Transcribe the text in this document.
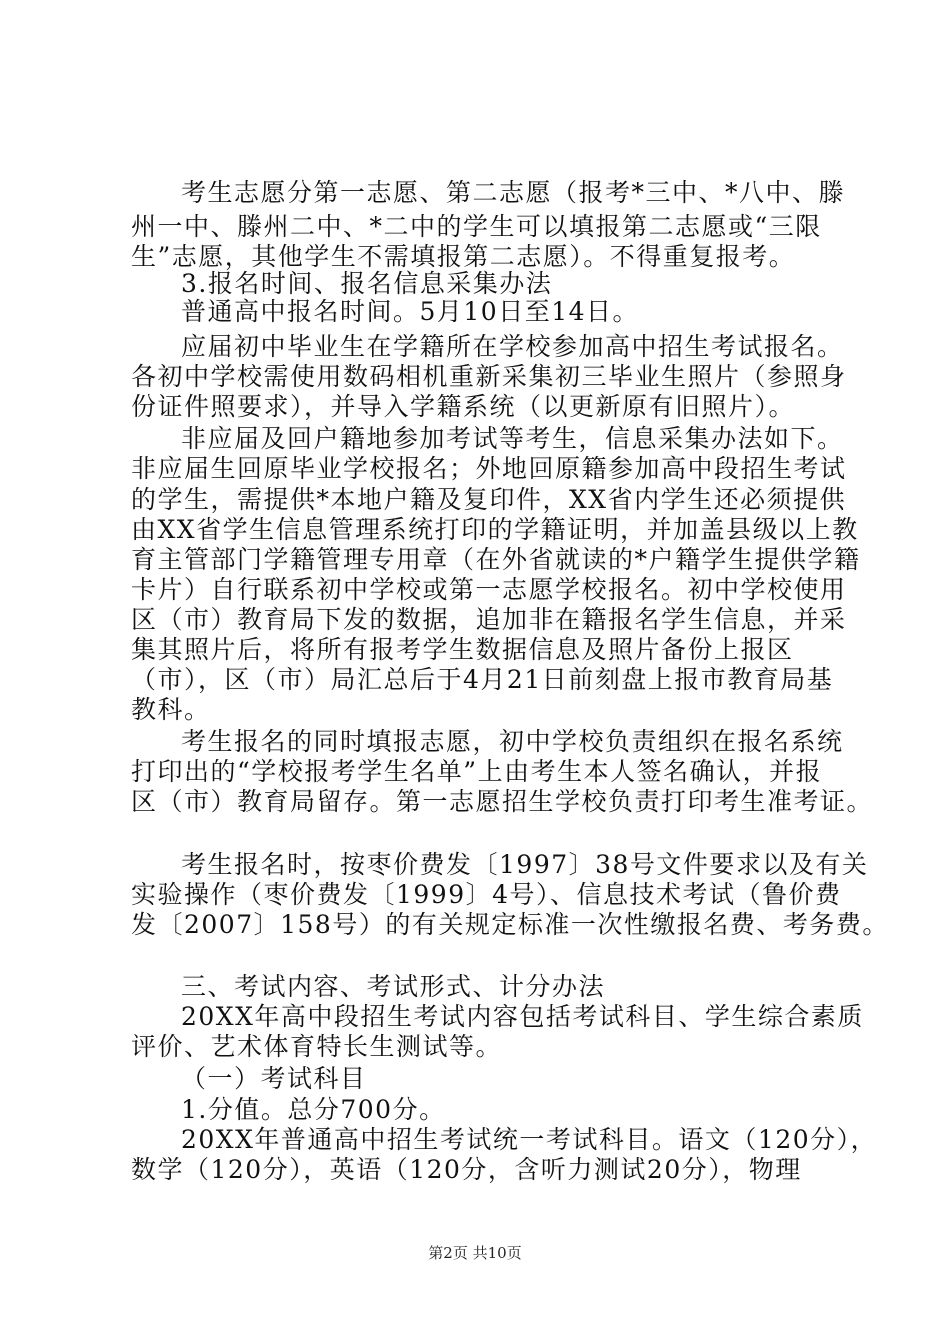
考生志愿分第一志愿、第二志愿（报考*三中、*八中、滕
州一中、滕州二中、*二中的学生可以填报第二志愿或“三限
生”志愿，其他学生不需填报第二志愿）。不得重复报考。
3.报名时间、报名信息采集办法
普通高中报名时间。5月10日至14日。
应届初中毕业生在学籍所在学校参加高中招生考试报名。
各初中学校需使用数码相机重新采集初三毕业生照片（参照身
份证件照要求），并导入学籍系统（以更新原有旧照片）。
非应届及回户籍地参加考试等考生，信息采集办法如下。
非应届生回原毕业学校报名；外地回原籍参加高中段招生考试
的学生，需提供*本地户籍及复印件，XX省内学生还必须提供
由XX省学生信息管理系统打印的学籍证明，并加盖县级以上教
育主管部门学籍管理专用章（在外省就读的*户籍学生提供学籍
卡片）自行联系初中学校或第一志愿学校报名。初中学校使用
区（市）教育局下发的数据，追加非在籍报名学生信息，并采
集其照片后，将所有报考学生数据信息及照片备份上报区
（市），区（市）局汇总后于4月21日前刻盘上报市教育局基
教科。
考生报名的同时填报志愿，初中学校负责组织在报名系统
打印出的“学校报考学生名单”上由考生本人签名确认，并报
区（市）教育局留存。第一志愿招生学校负责打印考生准考证。
考生报名时，按枣价费发〔1997〕38号文件要求以及有关
实验操作（枣价费发〔1999〕4号）、信息技术考试（鲁价费
发〔2007〕158号）的有关规定标准一次性缴报名费、考务费。
三、考试内容、考试形式、计分办法
20XX年高中段招生考试内容包括考试科目、学生综合素质
评价、艺术体育特长生测试等。
（一）考试科目
1.分值。总分700分。
20XX年普通高中招生考试统一考试科目。语文（120分），
数学（120分），英语（120分，含听力测试20分），物理
第2页 共10页
